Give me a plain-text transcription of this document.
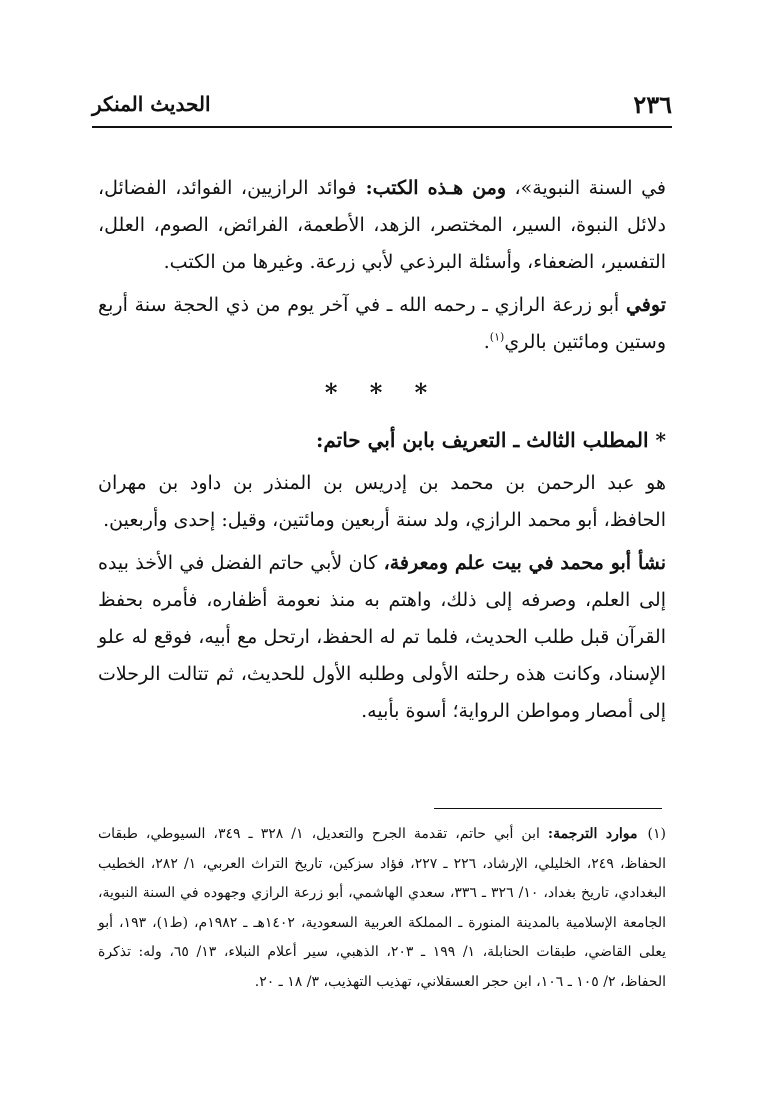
٢٣٦
الحديث المنكر

في السنة النبوية»، ومن هـذه الكتب: فوائد الرازيين، الفوائد، الفضائل، دلائل النبوة، السير، المختصر، الزهد، الأطعمة، الفرائض، الصوم، العلل، التفسير، الضعفاء، وأسئلة البرذعي لأبي زرعة. وغيرها من الكتب.

توفي أبو زرعة الرازي ـ رحمه الله ـ في آخر يوم من ذي الحجة سنة أربع وستين ومائتين بالري$^{(١)}$.

* * *
* المطلب الثالث ـ التعريف بابن أبي حاتم:

هو عبد الرحمن بن محمد بن إدريس بن المنذر بن داود بن مهران الحافظ، أبو محمد الرازي، ولد سنة أربعين ومائتين، وقيل: إحدى وأربعين.

نشأ أبو محمد في بيت علم ومعرفة، كان لأبي حاتم الفضل في الأخذ بيده إلى العلم، وصرفه إلى ذلك، واهتم به منذ نعومة أظفاره، فأمره بحفظ القرآن قبل طلب الحديث، فلما تم له الحفظ، ارتحل مع أبيه، فوقع له علو الإسناد، وكانت هذه رحلته الأولى وطلبه الأول للحديث، ثم تتالت الرحلات إلى أمصار ومواطن الرواية؛ أسوة بأبيه.

(١)موارد الترجمة: ابن أبي حاتم، تقدمة الجرح والتعديل، ١/ ٣٢٨ ـ ٣٤٩، السيوطي، طبقات الحفاظ، ٢٤٩، الخليلي، الإرشاد، ٢٢٦ ـ ٢٢٧، فؤاد سزكين، تاريخ التراث العربي، ١/ ٢٨٢، الخطيب البغدادي، تاريخ بغداد، ١٠/ ٣٢٦ ـ ٣٣٦، سعدي الهاشمي، أبو زرعة الرازي وجهوده في السنة النبوية، الجامعة الإسلامية بالمدينة المنورة ـ المملكة العربية السعودية، ١٤٠٢هـ ـ ١٩٨٢م، (ط١)، ١٩٣، أبو يعلى القاضي، طبقات الحنابلة، ١/ ١٩٩ ـ ٢٠٣، الذهبي، سير أعلام النبلاء، ١٣/ ٦٥، وله: تذكرة الحفاظ، ٢/ ١٠٥ ـ ١٠٦، ابن حجر العسقلاني، تهذيب التهذيب، ٣/ ١٨ ـ ٢٠.
